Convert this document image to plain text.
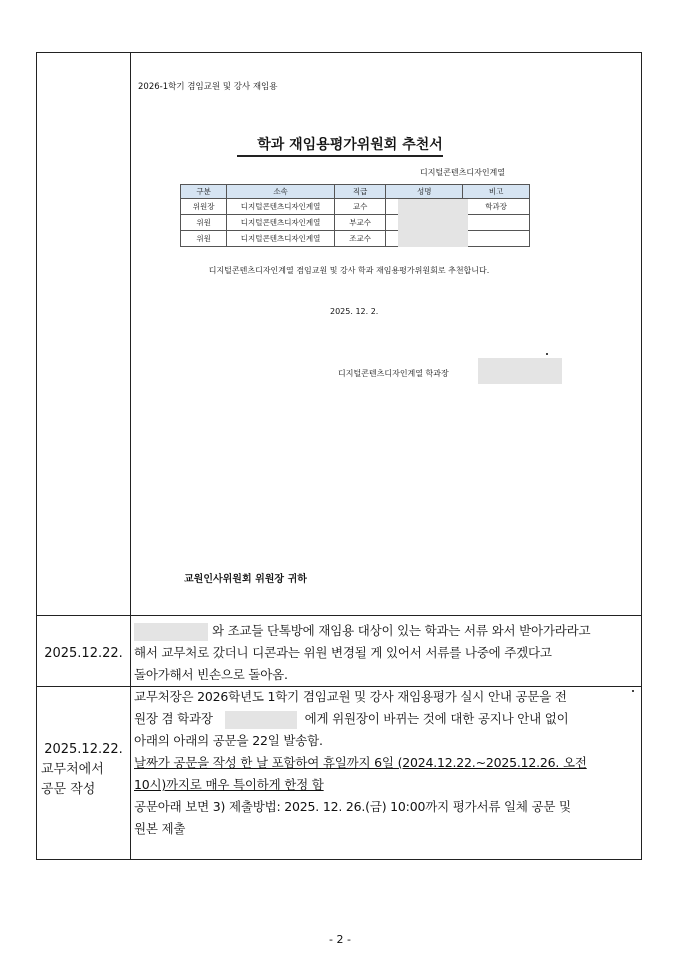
2026-1학기 겸임교원 및 강사 재임용
학과 재임용평가위원회 추천서
디지털콘텐츠디자인계열
구분	소속	직급	성명	비고
위원장	디지털콘텐츠디자인계열	교수		학과장
위원	디지털콘텐츠디자인계열	부교수		
위원	디지털콘텐츠디자인계열	조교수		
디지털콘텐츠디자인계열 겸임교원 및 강사 학과 재임용평가위원회로 추천합니다.
2025. 12. 2.
디지털콘텐츠디자인계열 학과장
교원인사위원회 위원장 귀하
2025.12.22.
와 조교들 단톡방에 재임용 대상이 있는 학과는 서류 와서 받아가라라고
해서 교무처로 갔더니 디콘과는 위원 변경될 게 있어서 서류를 나중에 주겠다고
돌아가해서 빈손으로 돌아옴.
2025.12.22.
교무처에서
공문 작성
교무처장은 2026학년도 1학기 겸임교원 및 강사 재임용평가 실시 안내 공문을 전
원장 겸 학과장	에게 위원장이 바뀌는 것에 대한 공지나 안내 없이
아래의 아래의 공문을 22일 발송함.
날짜가 공문을 작성 한 날 포함하여 휴일까지 6일 (2024.12.22.~2025.12.26. 오전
10시)까지로 매우 특이하게 한정 함
공문아래 보면 3) 제출방법: 2025. 12. 26.(금) 10:00까지 평가서류 일체 공문 및
원본 제출
- 2 -
